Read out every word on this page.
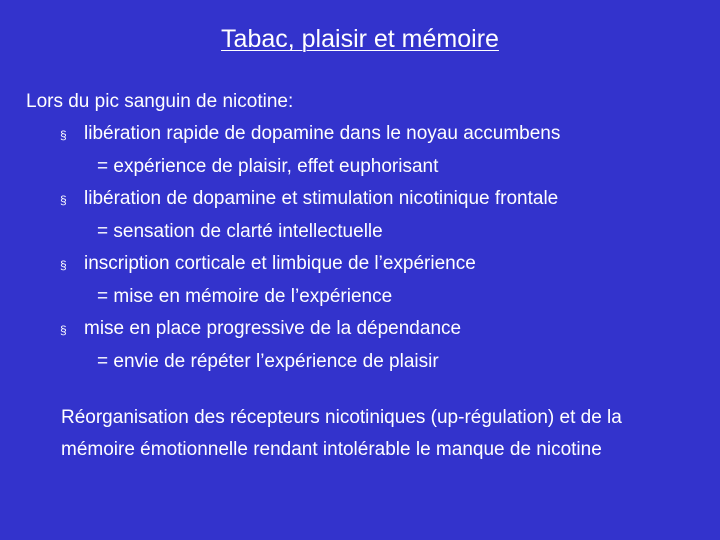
Tabac, plaisir et mémoire
Lors du pic sanguin de nicotine:
§ libération rapide de dopamine dans le noyau accumbens
= expérience de plaisir, effet euphorisant
§ libération de dopamine et stimulation nicotinique frontale
= sensation de clarté intellectuelle
§ inscription corticale et limbique de l’expérience
= mise en mémoire de l’expérience
§ mise en place progressive de la dépendance
= envie de répéter l’expérience de plaisir
Réorganisation des récepteurs nicotiniques (up-régulation) et de la mémoire émotionnelle rendant intolérable le manque de nicotine
